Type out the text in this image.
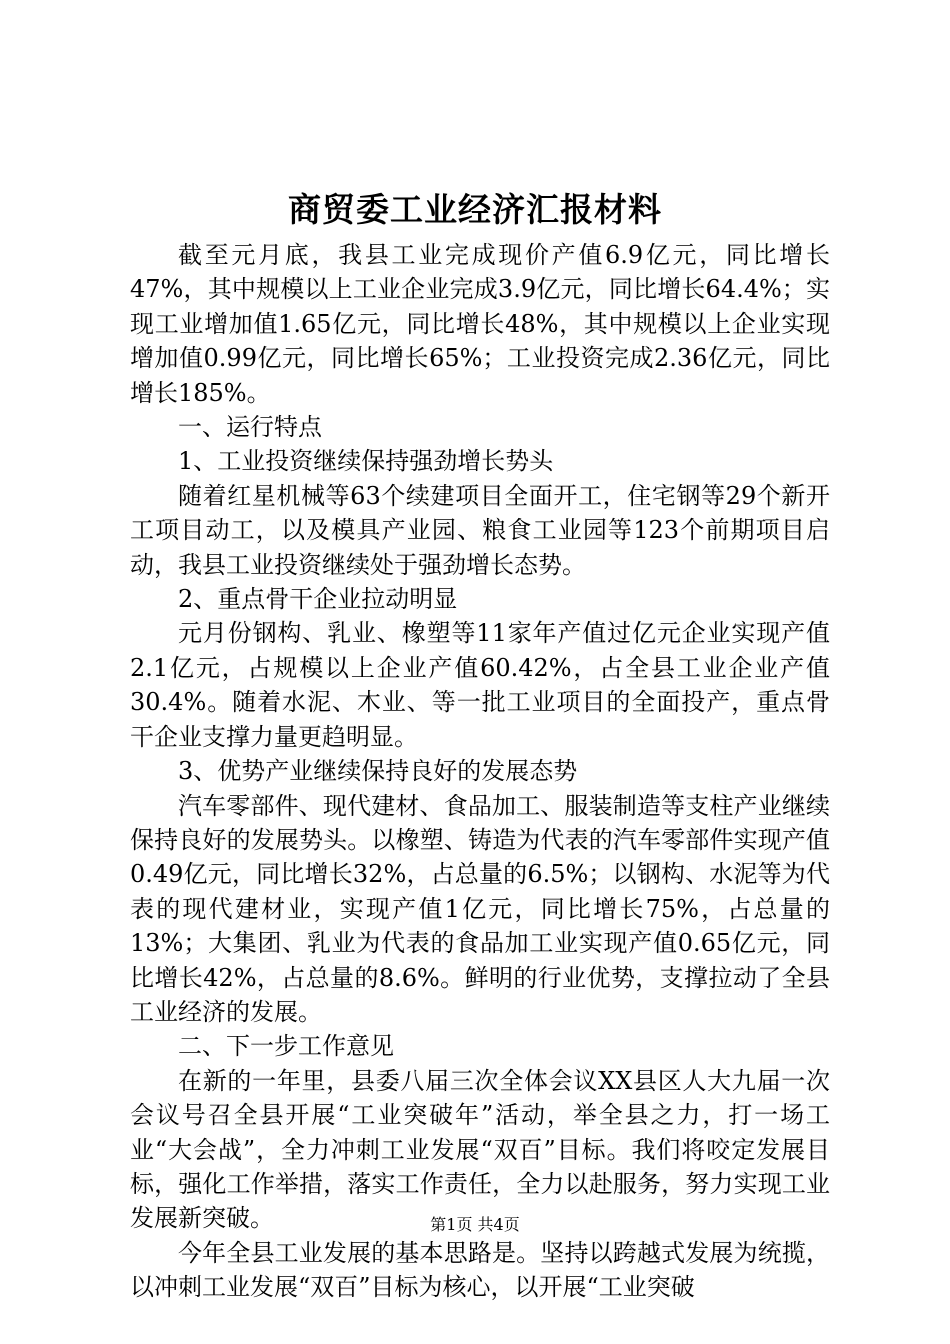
商贸委工业经济汇报材料

截至元月底，我县工业完成现价产值6.9亿元，同比增长47%，其中规模以上工业企业完成3.9亿元，同比增长64.4%；实现工业增加值1.65亿元，同比增长48%，其中规模以上企业实现增加值0.99亿元，同比增长65%；工业投资完成2.36亿元，同比增长185%。

一、运行特点

1、工业投资继续保持强劲增长势头

随着红星机械等63个续建项目全面开工，住宅钢等29个新开工项目动工，以及模具产业园、粮食工业园等123个前期项目启动，我县工业投资继续处于强劲增长态势。

2、重点骨干企业拉动明显

元月份钢构、乳业、橡塑等11家年产值过亿元企业实现产值2.1亿元，占规模以上企业产值60.42%，占全县工业企业产值30.4%。随着水泥、木业、等一批工业项目的全面投产，重点骨干企业支撑力量更趋明显。

3、优势产业继续保持良好的发展态势

汽车零部件、现代建材、食品加工、服装制造等支柱产业继续保持良好的发展势头。以橡塑、铸造为代表的汽车零部件实现产值0.49亿元，同比增长32%，占总量的6.5%；以钢构、水泥等为代表的现代建材业，实现产值1亿元，同比增长75%，占总量的13%；大集团、乳业为代表的食品加工业实现产值0.65亿元，同比增长42%，占总量的8.6%。鲜明的行业优势，支撑拉动了全县工业经济的发展。

二、下一步工作意见

在新的一年里，县委八届三次全体会议XX县区人大九届一次会议号召全县开展“工业突破年”活动，举全县之力，打一场工业“大会战”，全力冲刺工业发展“双百”目标。我们将咬定发展目标，强化工作举措，落实工作责任，全力以赴服务，努力实现工业发展新突破。

今年全县工业发展的基本思路是。坚持以跨越式发展为统揽，以冲刺工业发展“双百”目标为核心，以开展“工业突破

第1页 共4页
